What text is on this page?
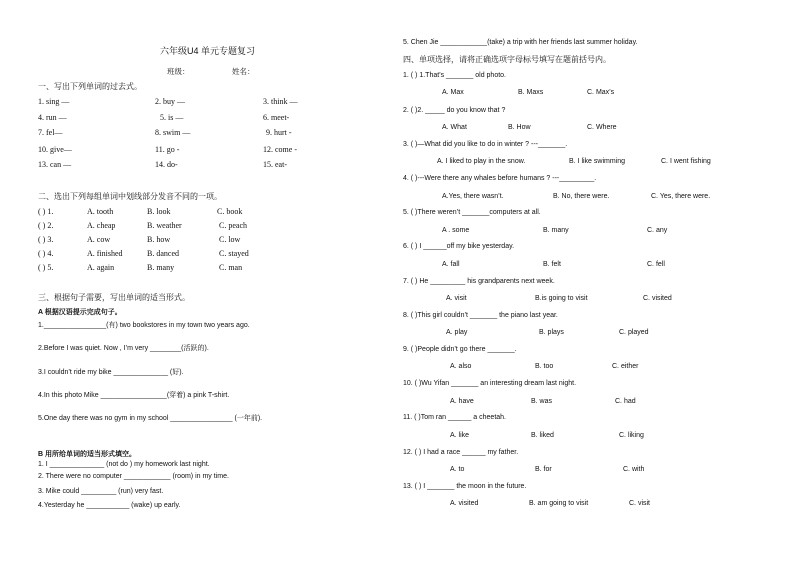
六年级U4 单元专题复习
班级：	姓名：
一、写出下列单词的过去式。
1. sing —	2. buy —	3. think —
4. run —	5. is —	6. meet-
7. fel—	8. swim —	9. hurt -
10. give—	11. go -	12. come -
13. can —	14. do-	15. eat-
二、选出下列每组单词中划线部分发音不同的一项。
( ) 1.	A. tooth	B. look	C. book
( ) 2.	A. cheap	B. weather	C. peach
( ) 3.	A. cow	B. how	C. low
( ) 4.	A. finished	B. danced	C. stayed
( ) 5.	A. again	B. many	C. man
三、根据句子需要，写出单词的适当形式。
A 根据汉语提示完成句子。
1.________________(有) two bookstores in my town two years ago.
2.Before I was quiet. Now , I’m very ________(活跃的).
3.I couldn’t ride my bike ______________ (好).
4.In this photo Mike _________________(穿着) a pink T-shirt.
5.One day there was no gym in my school ________________ (一年前).
B 用所给单词的适当形式填空。
1. I ______________ (not do ) my homework last night.
2. There were no computer ____________ (room) in my time.
3. Mike could _________ (run) very fast.
4.Yesterday he ___________ (wake) up early.
5. Chen Jie ____________(take) a trip with her friends last summer holiday.
四、单项选择，请将正确选项字母标号填写在题前括号内。
1. ( ) 1.That’s _______ old photo.
A. Max	B. Maxs	C. Max’s
2. ( )2. _____ do you know that ?
A. What	B. How	C. Where
3. ( )—What did you like to do in winter ? ---_______.
A. I liked to play in the snow.	B. I like swimming	C. I went fishing
4. ( )---Were there any whales before humans ? ---_________.
A.Yes, there wasn’t.	B. No, there were.	C. Yes, there were.
5. ( )There weren’t _______computers at all.
A . some	B. many	C. any
6. ( ) I ______off my bike yesterday.
A. fall	B. felt	C. fell
7. ( ) He _________ his grandparents next week.
A. visit	B.is going to visit	C. visited
8. ( )This girl couldn’t _______ the piano last year.
A. play	B. plays	C. played
9. ( )People didn’t go there _______.
A. also	B. too	C. either
10. ( )Wu Yifan _______ an interesting dream last night.
A. have	B. was	C. had
11. ( )Tom ran ______ a cheetah.
A. like	B. liked	C. liking
12. ( ) I had a race ______ my father.
A. to	B. for	C. with
13. ( ) I _______ the moon in the future.
A. visited	B. am going to visit	C. visit
